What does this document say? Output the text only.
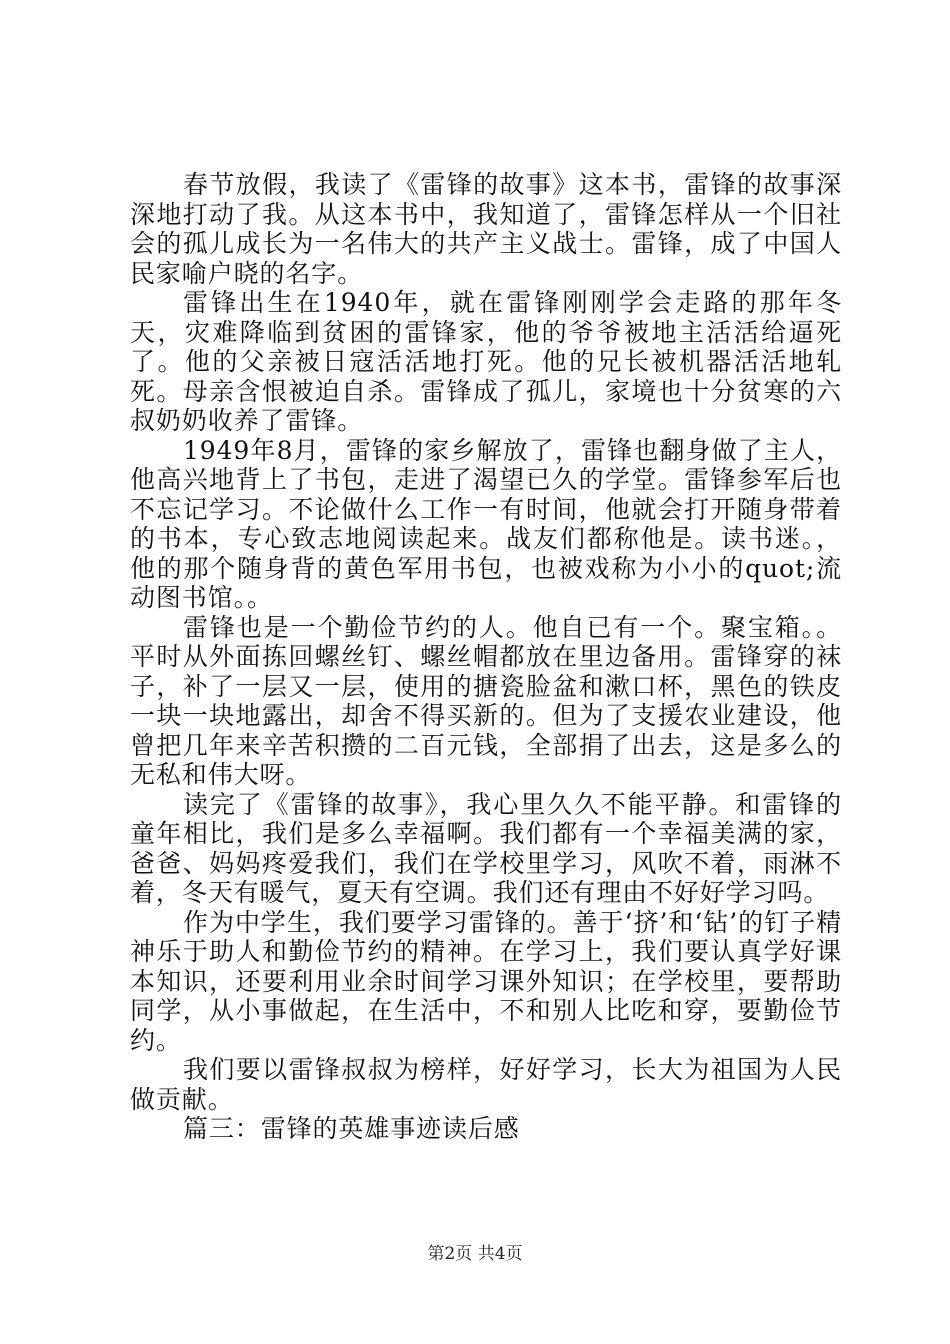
春节放假，我读了《雷锋的故事》这本书，雷锋的故事深深地打动了我。从这本书中，我知道了，雷锋怎样从一个旧社会的孤儿成长为一名伟大的共产主义战士。雷锋，成了中国人民家喻户晓的名字。

雷锋出生在1940年，就在雷锋刚刚学会走路的那年冬天，灾难降临到贫困的雷锋家，他的爷爷被地主活活给逼死了。他的父亲被日寇活活地打死。他的兄长被机器活活地轧死。母亲含恨被迫自杀。雷锋成了孤儿，家境也十分贫寒的六叔奶奶收养了雷锋。

1949年8月，雷锋的家乡解放了，雷锋也翻身做了主人，他高兴地背上了书包，走进了渴望已久的学堂。雷锋参军后也不忘记学习。不论做什么工作一有时间，他就会打开随身带着的书本，专心致志地阅读起来。战友们都称他是。读书迷。，他的那个随身背的黄色军用书包，也被戏称为小小的quot;流动图书馆。。

雷锋也是一个勤俭节约的人。他自已有一个。聚宝箱。。平时从外面拣回螺丝钉、螺丝帽都放在里边备用。雷锋穿的袜子，补了一层又一层，使用的搪瓷脸盆和漱口杯，黑色的铁皮一块一块地露出，却舍不得买新的。但为了支援农业建设，他曾把几年来辛苦积攒的二百元钱，全部捐了出去，这是多么的无私和伟大呀。

读完了《雷锋的故事》，我心里久久不能平静。和雷锋的童年相比，我们是多么幸福啊。我们都有一个幸福美满的家，爸爸、妈妈疼爱我们，我们在学校里学习，风吹不着，雨淋不着，冬天有暖气，夏天有空调。我们还有理由不好好学习吗。

作为中学生，我们要学习雷锋的。善于‘挤’和‘钻’的钉子精神乐于助人和勤俭节约的精神。在学习上，我们要认真学好课本知识，还要利用业余时间学习课外知识；在学校里，要帮助同学，从小事做起，在生活中，不和别人比吃和穿，要勤俭节约。

我们要以雷锋叔叔为榜样，好好学习，长大为祖国为人民做贡献。

篇三：雷锋的英雄事迹读后感

第2页 共4页
